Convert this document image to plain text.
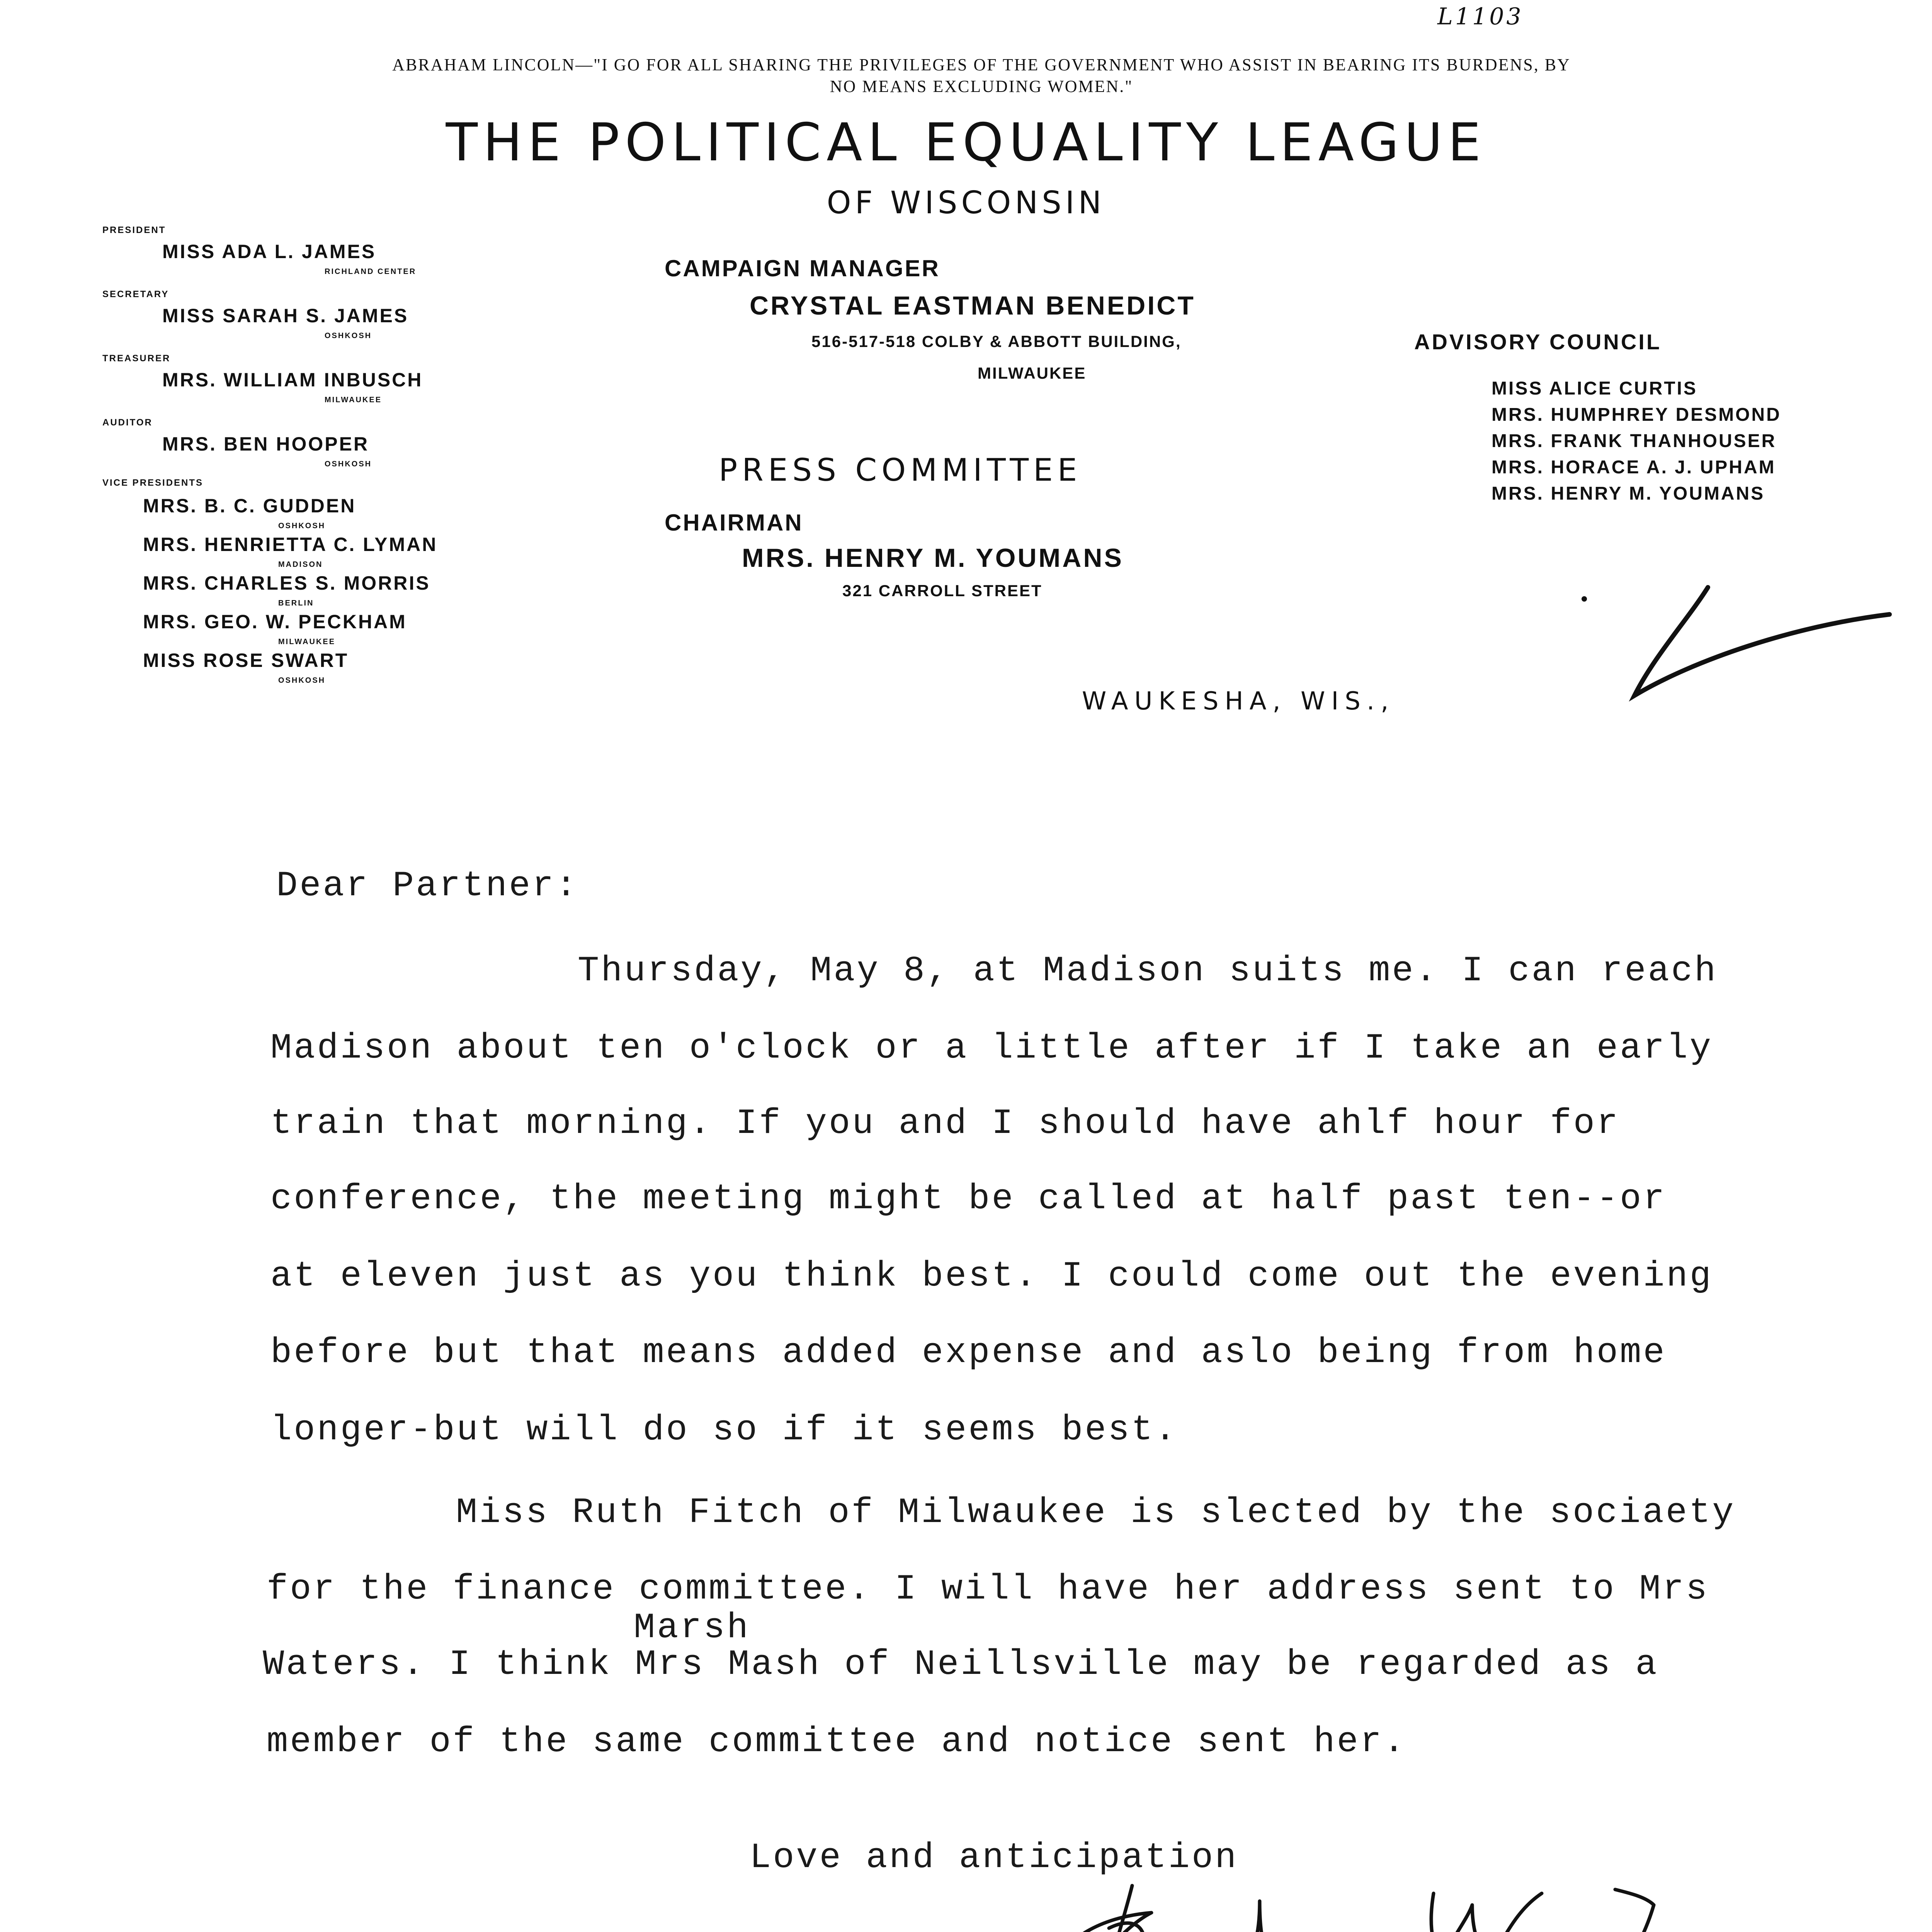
L1103
ABRAHAM LINCOLN—"I GO FOR ALL SHARING THE PRIVILEGES OF THE GOVERNMENT WHO ASSIST IN BEARING ITS BURDENS, BY
NO MEANS EXCLUDING WOMEN."
THE POLITICAL EQUALITY LEAGUE
OF WISCONSIN
PRESIDENT
MISS ADA L. JAMES
RICHLAND CENTER
SECRETARY
MISS SARAH S. JAMES
OSHKOSH
TREASURER
MRS. WILLIAM INBUSCH
MILWAUKEE
AUDITOR
MRS. BEN HOOPER
OSHKOSH
VICE PRESIDENTS
MRS. B. C. GUDDEN
OSHKOSH
MRS. HENRIETTA C. LYMAN
MADISON
MRS. CHARLES S. MORRIS
BERLIN
MRS. GEO. W. PECKHAM
MILWAUKEE
MISS ROSE SWART
OSHKOSH
CAMPAIGN MANAGER
CRYSTAL EASTMAN BENEDICT
516-517-518 COLBY & ABBOTT BUILDING,
MILWAUKEE
PRESS COMMITTEE
CHAIRMAN
MRS. HENRY M. YOUMANS
321 CARROLL STREET
WAUKESHA, WIS.,
ADVISORY COUNCIL
MISS ALICE CURTIS
MRS. HUMPHREY DESMOND
MRS. FRANK THANHOUSER
MRS. HORACE A. J. UPHAM
MRS. HENRY M. YOUMANS
Dear Partner:
Thursday, May 8, at Madison suits me. I can reach
Madison about ten o'clock or a little after if I take an early
train that morning. If you and I should have ahlf hour for
conference, the meeting might be called at half past ten--or
at eleven just as you think best. I could come out the evening
before but that means added expense and aslo being from home
longer-but will do so if it seems best.
Miss Ruth Fitch of Milwaukee is slected by the sociaety
for the finance committee. I will have her address sent to Mrs
Marsh
Waters. I think Mrs Mash of Neillsville may be regarded as a
member of the same committee and notice sent her.
Love and anticipation
